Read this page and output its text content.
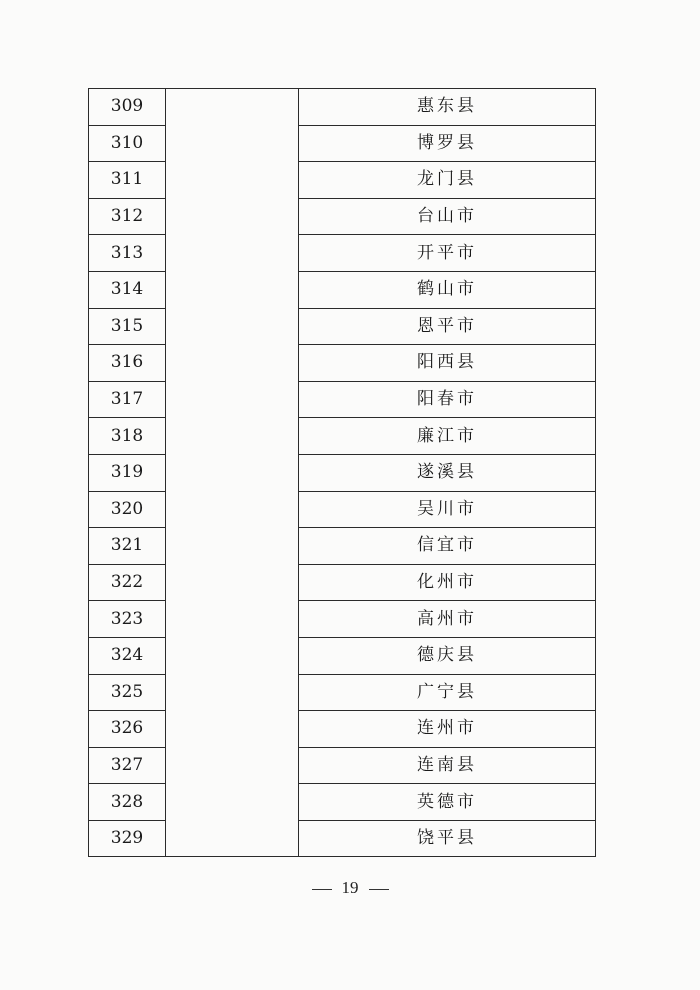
309		惠东县
310		博罗县
311		龙门县
312		台山市
313		开平市
314		鹤山市
315		恩平市
316		阳西县
317		阳春市
318		廉江市
319		遂溪县
320		吴川市
321		信宜市
322		化州市
323		高州市
324		德庆县
325		广宁县
326		连州市
327		连南县
328		英德市
329		饶平县
19
